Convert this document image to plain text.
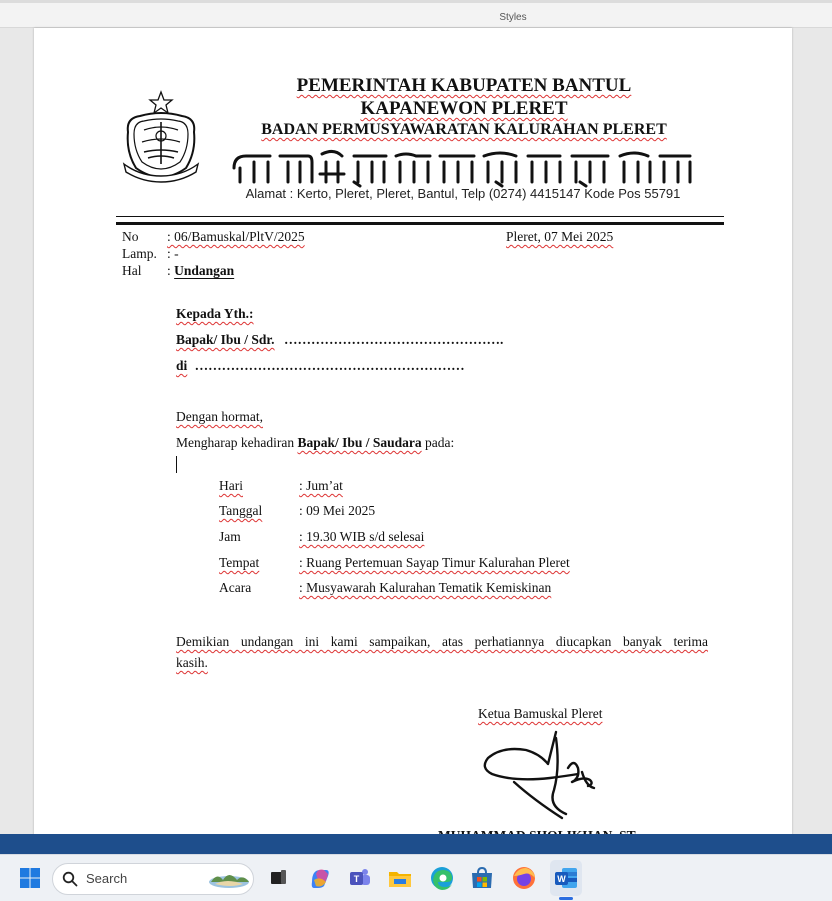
Styles
PEMERINTAH KABUPATEN BANTUL
KAPANEWON PLERET
BADAN PERMUSYAWARATAN KALURAHAN PLERET
Alamat : Kerto, Pleret, Pleret, Bantul, Telp (0274) 4415147 Kode Pos 55791
No : 06/Bamuskal/PltV/2025	Pleret, 07 Mei 2025
Lamp. : -
Hal : Undangan
Kepada Yth.:
Bapak/ Ibu / Sdr. ………………………………………….
di ……………………………………………………
Dengan hormat,
Mengharap kehadiran Bapak/ Ibu / Saudara pada:
Hari	: Jum’at
Tanggal	: 09 Mei 2025
Jam	: 19.30 WIB s/d selesai
Tempat	: Ruang Pertemuan Sayap Timur Kalurahan Pleret
Acara	: Musyawarah Kalurahan Tematik Kemiskinan
Demikian undangan ini kami sampaikan, atas perhatiannya diucapkan banyak terima
kasih.
Ketua Bamuskal Pleret
Search	T	W
